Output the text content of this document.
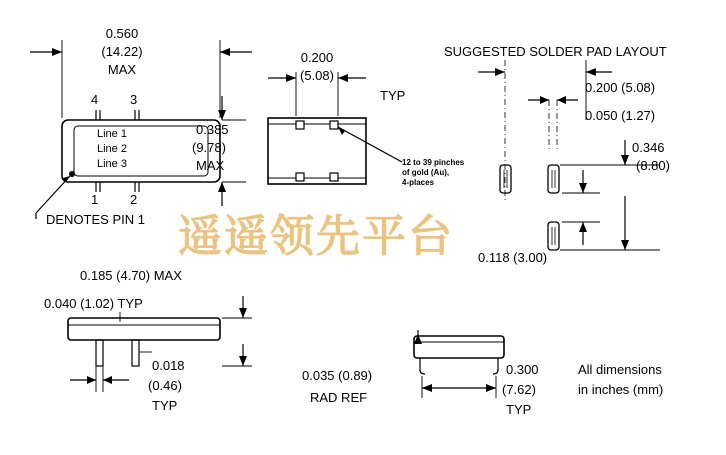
0.560
(14.22)
MAX
4 3
1 2
Line 1
Line 2
Line 3
0.385
(9.78)
MAX
DENOTES PIN 1
0.200
(5.08)
TYP
12 to 39 pinches
of gold (Au),
4-places
SUGGESTED SOLDER PAD LAYOUT
0.200 (5.08)
0.050 (1.27)
0.346
(8.80)
0.118 (3.00)
0.185 (4.70) MAX
0.040 (1.02) TYP
0.018
(0.46)
TYP
0.035 (0.89)
RAD REF
0.300
(7.62)
TYP
All dimensions
in inches (mm)
遥遥领先平台
